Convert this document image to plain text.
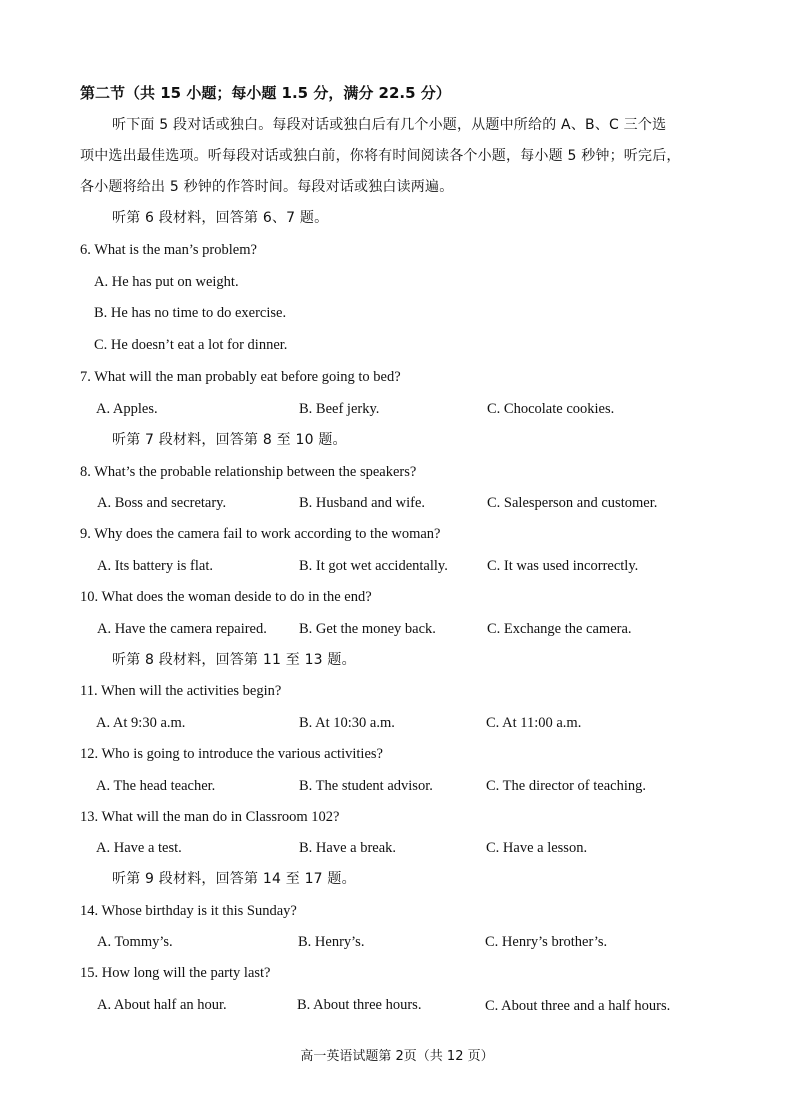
第二节（共 15 小题；每小题 1.5 分，满分 22.5 分）
听下面 5 段对话或独白。每段对话或独白后有几个小题，从题中所给的 A、B、C 三个选
项中选出最佳选项。听每段对话或独白前，你将有时间阅读各个小题，每小题 5 秒钟；听完后，
各小题将给出 5 秒钟的作答时间。每段对话或独白读两遍。
听第 6 段材料，回答第 6、7 题。
6. What is the man’s problem?
A. He has put on weight.
B. He has no time to do exercise.
C. He doesn’t eat a lot for dinner.
7. What will the man probably eat before going to bed?
A. Apples.	B. Beef jerky.	C. Chocolate cookies.
听第 7 段材料，回答第 8 至 10 题。
8. What’s the probable relationship between the speakers?
A. Boss and secretary.	B. Husband and wife.	C. Salesperson and customer.
9. Why does the camera fail to work according to the woman?
A. Its battery is flat.	B. It got wet accidentally.	C. It was used incorrectly.
10. What does the woman deside to do in the end?
A. Have the camera repaired. B. Get the money back.	C. Exchange the camera.
听第 8 段材料，回答第 11 至 13 题。
11. When will the activities begin?
A. At 9:30 a.m.	B. At 10:30 a.m.	C. At 11:00 a.m.
12. Who is going to introduce the various activities?
A. The head teacher.	B. The student advisor.	C. The director of teaching.
13. What will the man do in Classroom 102?
A. Have a test.	B. Have a break.	C. Have a lesson.
听第 9 段材料，回答第 14 至 17 题。
14. Whose birthday is it this Sunday?
A. Tommy’s.	B. Henry’s.	C. Henry’s brother’s.
15. How long will the party last?
A. About half an hour.	B. About three hours.	C. About three and a half hours.
高一英语试题第 2页（共 12 页）
